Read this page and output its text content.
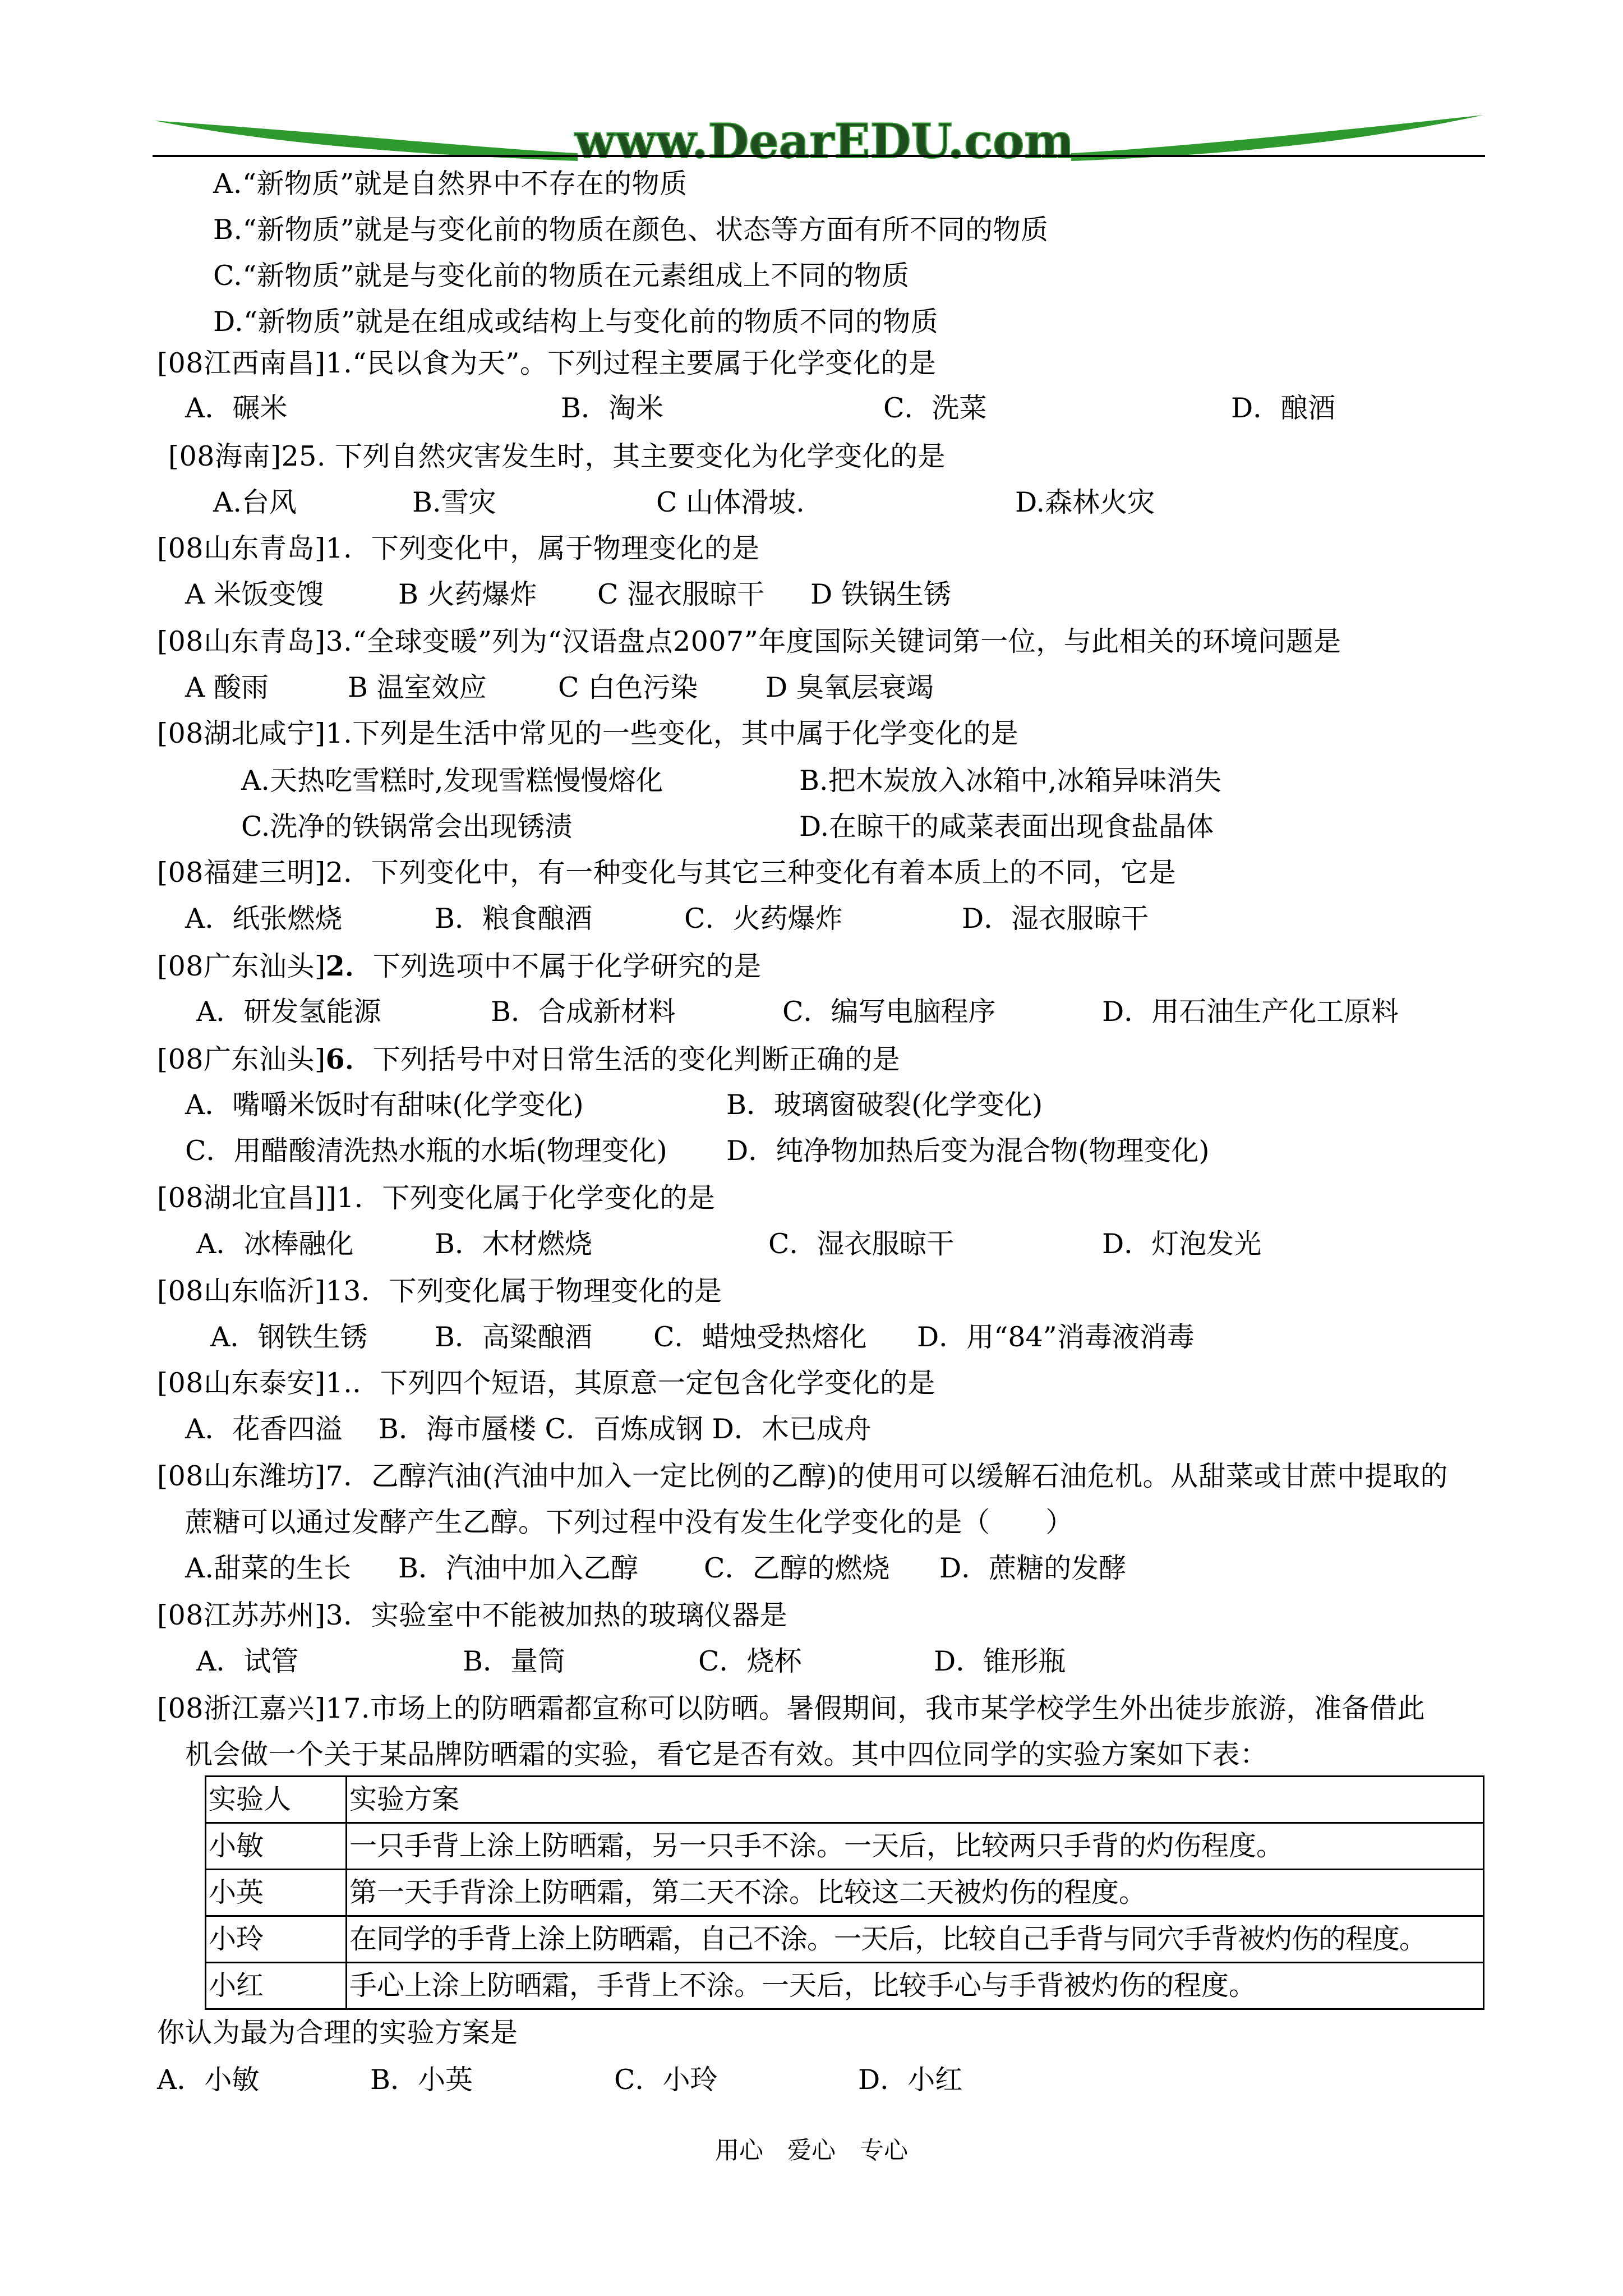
www.DearEDU.com
A.“新物质”就是自然界中不存在的物质
B.“新物质”就是与变化前的物质在颜色、状态等方面有所不同的物质
C.“新物质”就是与变化前的物质在元素组成上不同的物质
D.“新物质”就是在组成或结构上与变化前的物质不同的物质
[08江西南昌]1.“民以食为天”。下列过程主要属于化学变化的是
A．碾米	B．淘米	C．洗菜	D．酿酒
[08海南]25. 下列自然灾害发生时，其主要变化为化学变化的是
A.台风	B.雪灾	C 山体滑坡.	D.森林火灾
[08山东青岛]1．下列变化中，属于物理变化的是
A 米饭变馊	B 火药爆炸 C 湿衣服晾干 D 铁锅生锈
[08山东青岛]3.“全球变暖”列为“汉语盘点2007”年度国际关键词第一位，与此相关的环境问题是
A 酸雨	B 温室效应	C 白色污染 D 臭氧层衰竭
[08湖北咸宁]1.下列是生活中常见的一些变化，其中属于化学变化的是
A.天热吃雪糕时,发现雪糕慢慢熔化	B.把木炭放入冰箱中,冰箱异味消失
C.洗净的铁锅常会出现锈渍	D.在晾干的咸菜表面出现食盐晶体
[08福建三明]2．下列变化中，有一种变化与其它三种变化有着本质上的不同，它是
A．纸张燃烧	B．粮食酿酒	C．火药爆炸	D．湿衣服晾干
[08广东汕头]2．下列选项中不属于化学研究的是
A．研发氢能源	B．合成新材料	C．编写电脑程序	D．用石油生产化工原料
[08广东汕头]6．下列括号中对日常生活的变化判断正确的是
A．嘴嚼米饭时有甜味(化学变化)	B．玻璃窗破裂(化学变化)
C．用醋酸清洗热水瓶的水垢(物理变化) D．纯净物加热后变为混合物(物理变化)
[08湖北宜昌]]1．下列变化属于化学变化的是
A．冰棒融化	B．木材燃烧	C．湿衣服晾干	D．灯泡发光
[08山东临沂]13．下列变化属于物理变化的是
A．钢铁生锈 B．高粱酿酒 C．蜡烛受热熔化 D．用“84”消毒液消毒
[08山东泰安]1.．下列四个短语，其原意一定包含化学变化的是
A．花香四溢　 B．海市蜃楼 C．百炼成钢 D．木已成舟
[08山东潍坊]7．乙醇汽油(汽油中加入一定比例的乙醇)的使用可以缓解石油危机。从甜菜或甘蔗中提取的
蔗糖可以通过发酵产生乙醇。下列过程中没有发生化学变化的是（　　）
A.甜菜的生长 B．汽油中加入乙醇 C．乙醇的燃烧 D．蔗糖的发酵
[08江苏苏州]3．实验室中不能被加热的玻璃仪器是
A．试管	B．量筒	C．烧杯	D．锥形瓶
[08浙江嘉兴]17.市场上的防晒霜都宣称可以防晒。暑假期间，我市某学校学生外出徒步旅游，准备借此
机会做一个关于某品牌防晒霜的实验，看它是否有效。其中四位同学的实验方案如下表：
实验人	实验方案
小敏	一只手背上涂上防晒霜，另一只手不涂。一天后，比较两只手背的灼伤程度。
小英	第一天手背涂上防晒霜，第二天不涂。比较这二天被灼伤的程度。
小玲	在同学的手背上涂上防晒霜，自己不涂。一天后，比较自己手背与同穴手背被灼伤的程度。
小红	手心上涂上防晒霜，手背上不涂。一天后，比较手心与手背被灼伤的程度。
你认为最为合理的实验方案是
A．小敏	B．小英	C．小玲	D．小红
用心　爱心　专心
